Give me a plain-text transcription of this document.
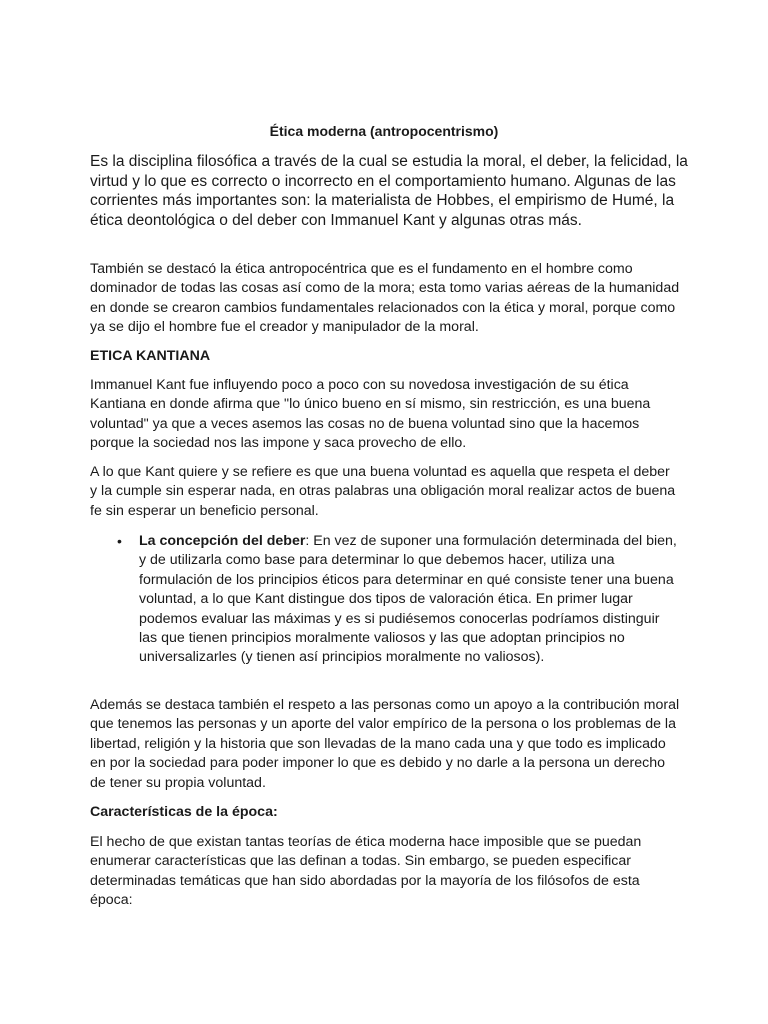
Ética moderna (antropocentrismo)

Es la disciplina filosófica a través de la cual se estudia la moral, el deber, la felicidad, la virtud y lo que es correcto o incorrecto en el comportamiento humano. Algunas de las corrientes más importantes son: la materialista de Hobbes, el empirismo de Humé, la ética deontológica o del deber con Immanuel Kant y algunas otras más.

También se destacó la ética antropocéntrica que es el fundamento en el hombre como dominador de todas las cosas así como de la mora; esta tomo varias aéreas de la humanidad en donde se crearon cambios fundamentales relacionados con la ética y moral, porque como ya se dijo el hombre fue el creador y manipulador de la moral.

ETICA KANTIANA

Immanuel Kant fue influyendo poco a poco con su novedosa investigación de su ética Kantiana en donde afirma que "lo único bueno en sí mismo, sin restricción, es una buena voluntad" ya que a veces asemos las cosas no de buena voluntad sino que la hacemos porque la sociedad nos las impone y saca provecho de ello.

A lo que Kant quiere y se refiere es que una buena voluntad es aquella que respeta el deber y la cumple sin esperar nada, en otras palabras una obligación moral realizar actos de buena fe sin esperar un beneficio personal.

• La concepción del deber: En vez de suponer una formulación determinada del bien, y de utilizarla como base para determinar lo que debemos hacer, utiliza una formulación de los principios éticos para determinar en qué consiste tener una buena voluntad, a lo que Kant distingue dos tipos de valoración ética. En primer lugar podemos evaluar las máximas y es si pudiésemos conocerlas podríamos distinguir las que tienen principios moralmente valiosos y las que adoptan principios no universalizarles (y tienen así principios moralmente no valiosos).

Además se destaca también el respeto a las personas como un apoyo a la contribución moral que tenemos las personas y un aporte del valor empírico de la persona o los problemas de la libertad, religión y la historia que son llevadas de la mano cada una y que todo es implicado en por la sociedad para poder imponer lo que es debido y no darle a la persona un derecho de tener su propia voluntad.

Características de la época:

El hecho de que existan tantas teorías de ética moderna hace imposible que se puedan enumerar características que las definan a todas. Sin embargo, se pueden especificar determinadas temáticas que han sido abordadas por la mayoría de los filósofos de esta época:
